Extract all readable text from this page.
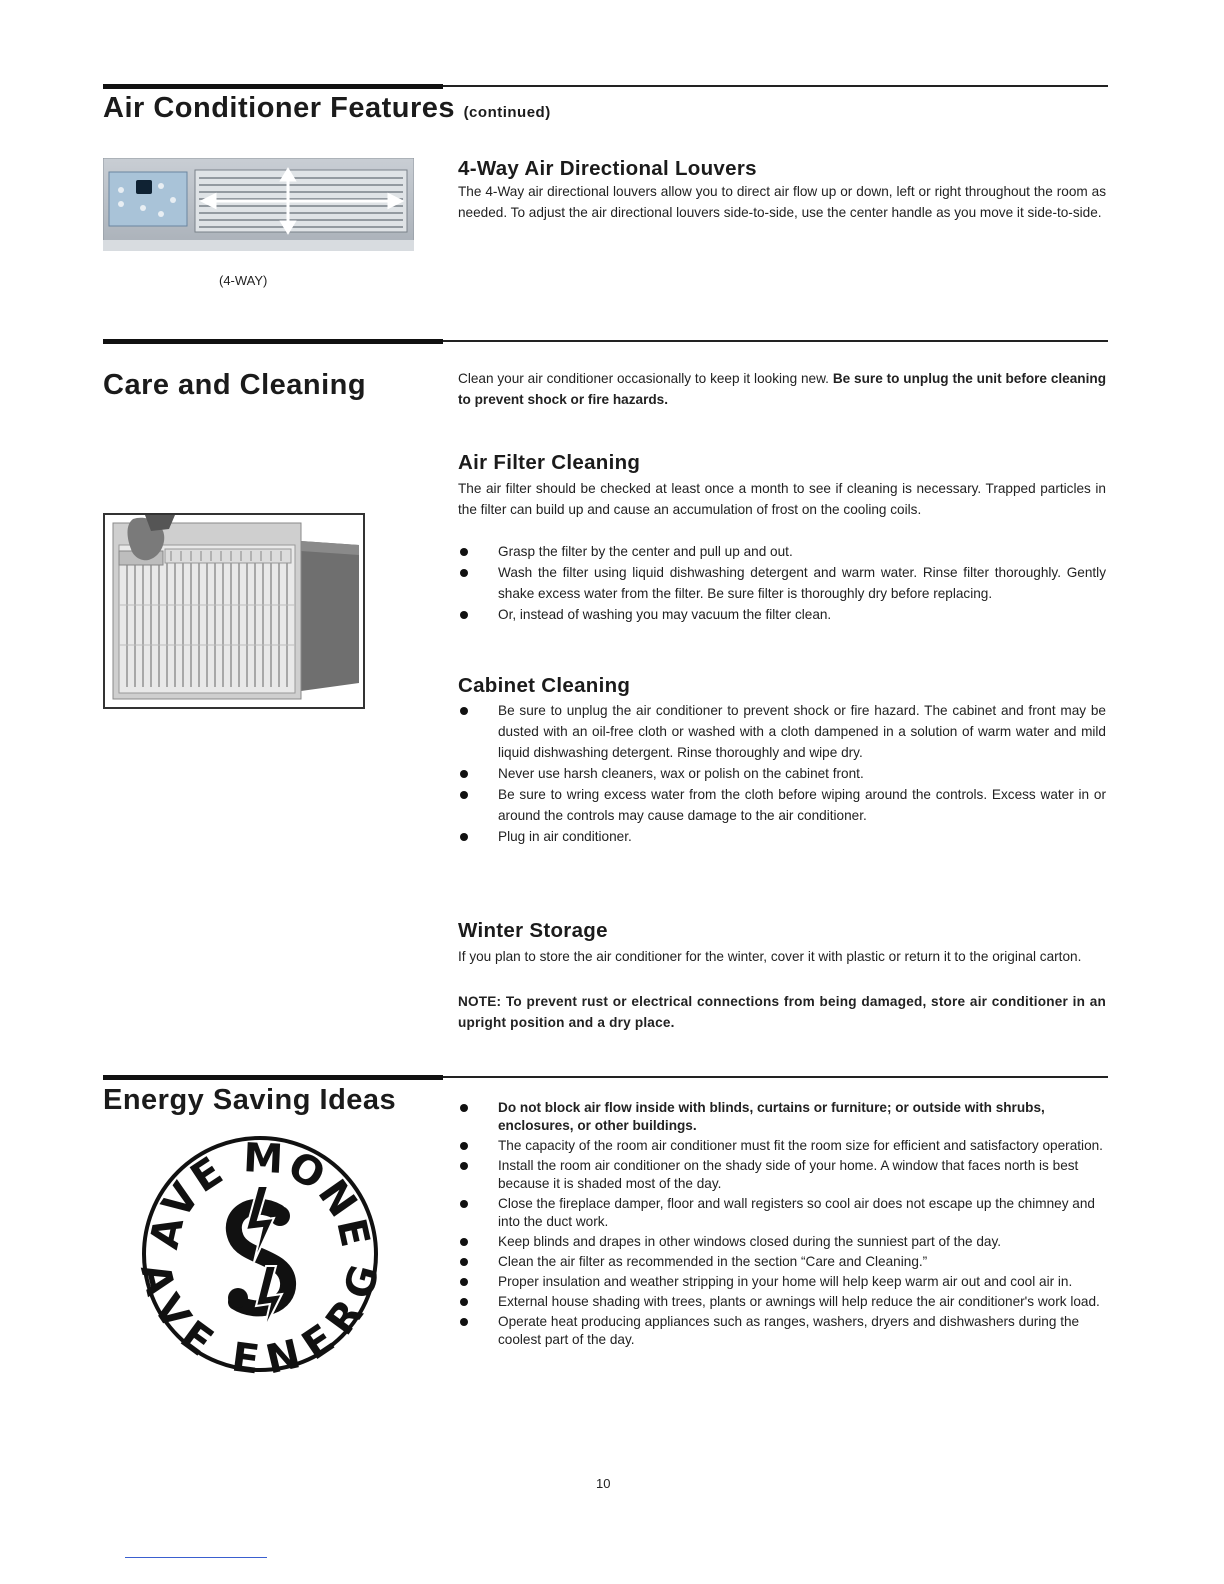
Air Conditioner Features (continued)
(4-WAY)
4-Way Air Directional Louvers
The 4-Way air directional louvers allow you to direct air flow up or down, left or right throughout the room as needed. To adjust the air directional louvers side-to-side, use the center handle as you move it side-to-side.
Care and Cleaning	Clean your air conditioner occasionally to keep it looking new. Be sure to unplug the unit before cleaning to prevent shock or fire hazards.
Air Filter Cleaning
The air filter should be checked at least once a month to see if cleaning is necessary. Trapped particles in the filter can build up and cause an accumulation of frost on the cooling coils.
Grasp the filter by the center and pull up and out.
Wash the filter using liquid dishwashing detergent and warm water. Rinse filter thoroughly. Gently shake excess water from the filter. Be sure filter is thoroughly dry before replacing.
Or, instead of washing you may vacuum the filter clean.
Cabinet Cleaning
Be sure to unplug the air conditioner to prevent shock or fire hazard. The cabinet and front may be dusted with an oil-free cloth or washed with a cloth dampened in a solution of warm water and mild liquid dishwashing detergent. Rinse thoroughly and wipe dry.
Never use harsh cleaners, wax or polish on the cabinet front.
Be sure to wring excess water from the cloth before wiping around the controls. Excess water in or around the controls may cause damage to the air conditioner.
Plug in air conditioner.
Winter Storage
If you plan to store the air conditioner for the winter, cover it with plastic or return it to the original carton.
NOTE: To prevent rust or electrical connections from being damaged, store air conditioner in an upright position and a dry place.
Energy Saving Ideas
AVE MONE
VE ENER
Do not block air flow inside with blinds, curtains or furniture; or outside with shrubs, enclosures, or other buildings.
The capacity of the room air conditioner must fit the room size for efficient and satisfactory operation.
Install the room air conditioner on the shady side of your home. A window that faces north is best because it is shaded most of the day.
Close the fireplace damper, floor and wall registers so cool air does not escape up the chimney and into the duct work.
Keep blinds and drapes in other windows closed during the sunniest part of the day.
Clean the air filter as recommended in the section “Care and Cleaning.”
Proper insulation and weather stripping in your home will help keep warm air out and cool air in.
External house shading with trees, plants or awnings will help reduce the air conditioner's work load.
Operate heat producing appliances such as ranges, washers, dryers and dishwashers during the coolest part of the day.
10
